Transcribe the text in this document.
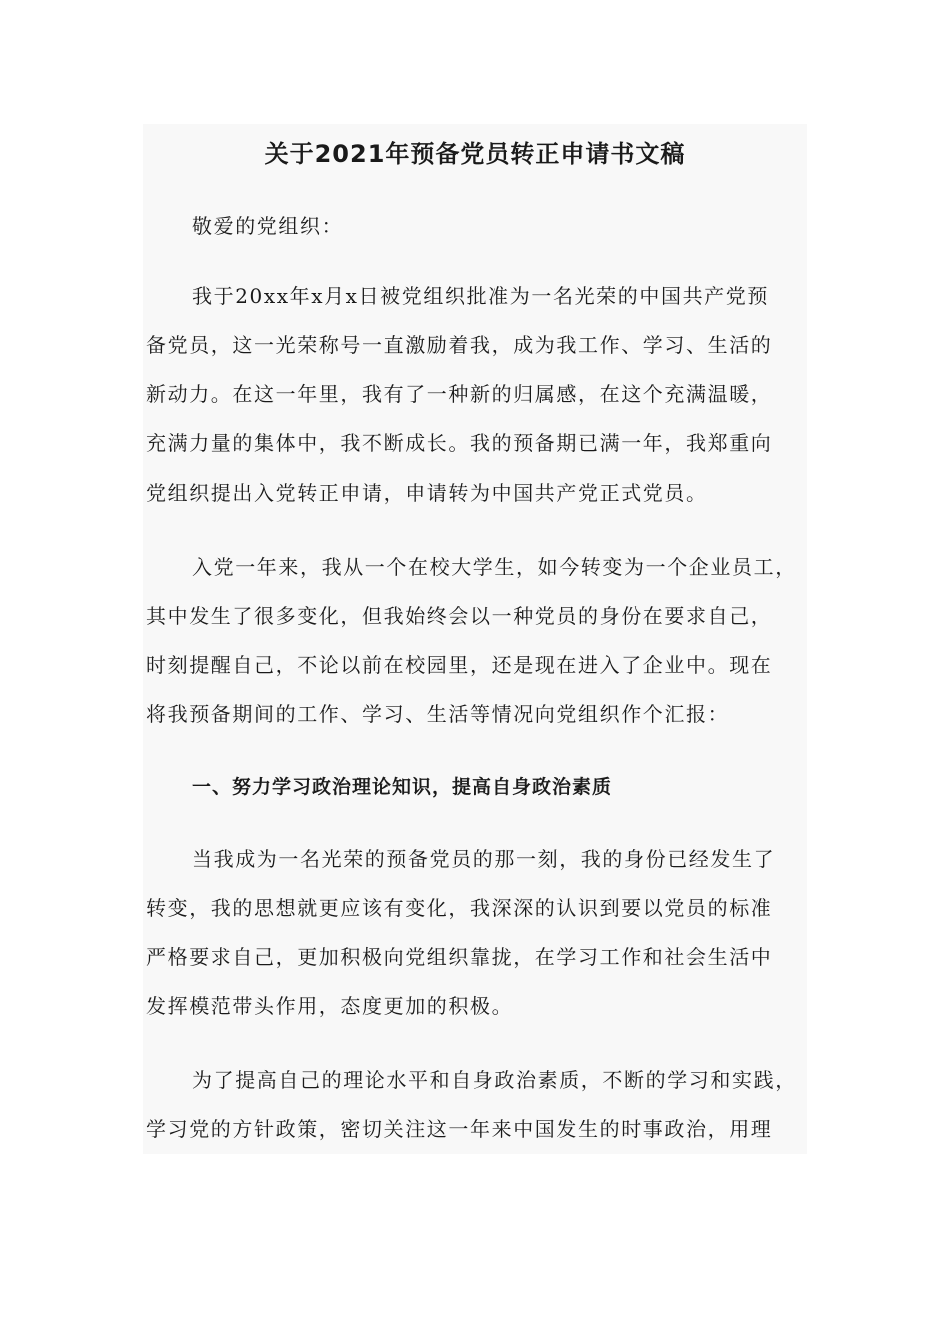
关于2021年预备党员转正申请书文稿
敬爱的党组织：
我于20xx年x月x日被党组织批准为一名光荣的中国共产党预
备党员，这一光荣称号一直激励着我，成为我工作、学习、生活的
新动力。在这一年里，我有了一种新的归属感，在这个充满温暖，
充满力量的集体中，我不断成长。我的预备期已满一年，我郑重向
党组织提出入党转正申请，申请转为中国共产党正式党员。
入党一年来，我从一个在校大学生，如今转变为一个企业员工，
其中发生了很多变化，但我始终会以一种党员的身份在要求自己，
时刻提醒自己，不论以前在校园里，还是现在进入了企业中。现在
将我预备期间的工作、学习、生活等情况向党组织作个汇报：
一、努力学习政治理论知识，提高自身政治素质
当我成为一名光荣的预备党员的那一刻，我的身份已经发生了
转变，我的思想就更应该有变化，我深深的认识到要以党员的标准
严格要求自己，更加积极向党组织靠拢，在学习工作和社会生活中
发挥模范带头作用，态度更加的积极。
为了提高自己的理论水平和自身政治素质，不断的学习和实践，
学习党的方针政策，密切关注这一年来中国发生的时事政治，用理
